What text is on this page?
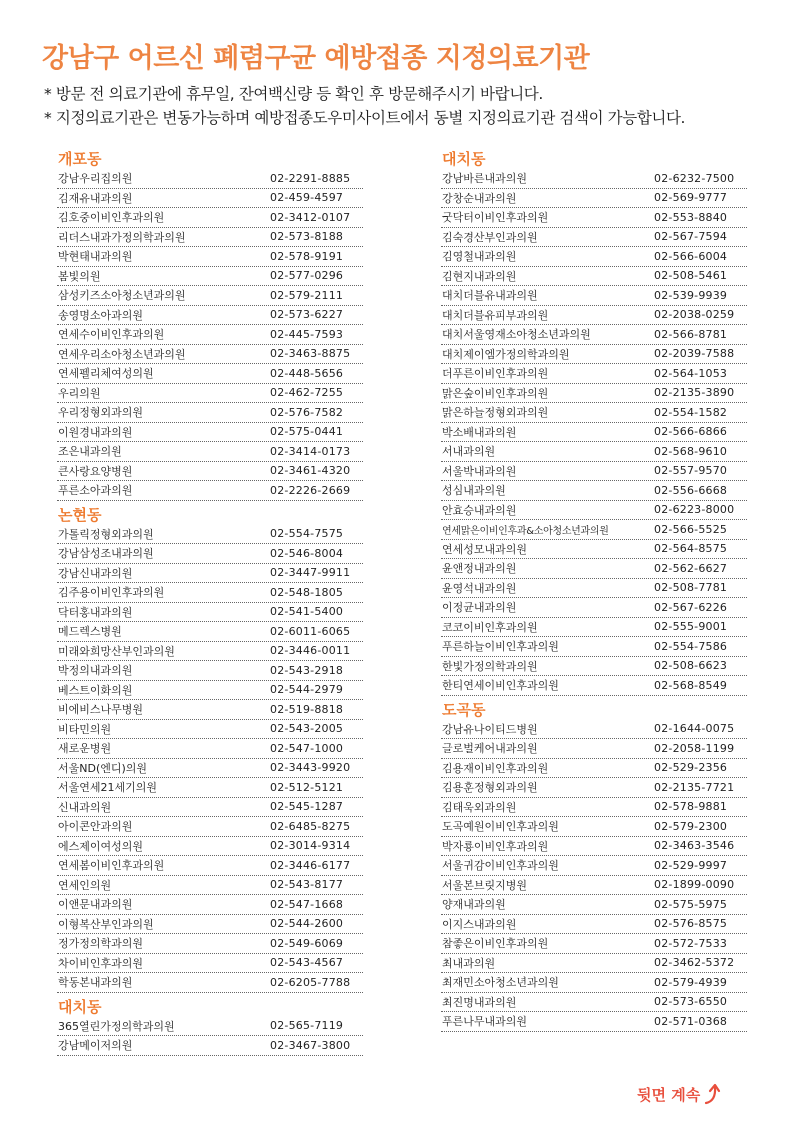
강남구 어르신 폐렴구균 예방접종 지정의료기관
* 방문 전 의료기관에 휴무일, 잔여백신량 등 확인 후 방문해주시기 바랍니다.
* 지정의료기관은 변동가능하며 예방접종도우미사이트에서 동별 지정의료기관 검색이 가능합니다.
개포동
강남우리집의원	02-2291-8885
김재유내과의원	02-459-4597
김호중이비인후과의원	02-3412-0107
리더스내과가정의학과의원	02-573-8188
박현태내과의원	02-578-9191
봄빛의원	02-577-0296
삼성키즈소아청소년과의원	02-579-2111
송영명소아과의원	02-573-6227
연세수이비인후과의원	02-445-7593
연세우리소아청소년과의원	02-3463-8875
연세펠리체여성의원	02-448-5656
우리의원	02-462-7255
우리정형외과의원	02-576-7582
이원경내과의원	02-575-0441
조은내과의원	02-3414-0173
큰사랑요양병원	02-3461-4320
푸른소아과의원	02-2226-2669
논현동
가톨릭정형외과의원	02-554-7575
강남삼성조내과의원	02-546-8004
강남신내과의원	02-3447-9911
김주용이비인후과의원	02-548-1805
닥터홍내과의원	02-541-5400
메드렉스병원	02-6011-6065
미래와희망산부인과의원	02-3446-0011
박정의내과의원	02-543-2918
베스트이화의원	02-544-2979
비에비스나무병원	02-519-8818
비타민의원	02-543-2005
새로운병원	02-547-1000
서울ND(엔디)의원	02-3443-9920
서울연세21세기의원	02-512-5121
신내과의원	02-545-1287
아이콘안과의원	02-6485-8275
에스제이여성의원	02-3014-9314
연세봄이비인후과의원	02-3446-6177
연세인의원	02-543-8177
이앤문내과의원	02-547-1668
이형복산부인과의원	02-544-2600
정가정의학과의원	02-549-6069
차이비인후과의원	02-543-4567
학동본내과의원	02-6205-7788
대치동
365열린가정의학과의원	02-565-7119
강남메이저의원	02-3467-3800
대치동
강남바른내과의원	02-6232-7500
강창순내과의원	02-569-9777
굿닥터이비인후과의원	02-553-8840
김숙경산부인과의원	02-567-7594
김영철내과의원	02-566-6004
김현지내과의원	02-508-5461
대치더블유내과의원	02-539-9939
대치더블유피부과의원	02-2038-0259
대치서울영재소아청소년과의원	02-566-8781
대치제이엠가정의학과의원	02-2039-7588
더푸른이비인후과의원	02-564-1053
맑은숲이비인후과의원	02-2135-3890
맑은하늘정형외과의원	02-554-1582
박소배내과의원	02-566-6866
서내과의원	02-568-9610
서울박내과의원	02-557-9570
성심내과의원	02-556-6668
안효승내과의원	02-6223-8000
연세맑은이비인후과&소아청소년과의원	02-566-5525
연세성모내과의원	02-564-8575
윤앤정내과의원	02-562-6627
윤영석내과의원	02-508-7781
이정균내과의원	02-567-6226
코코이비인후과의원	02-555-9001
푸른하늘이비인후과의원	02-554-7586
한빛가정의학과의원	02-508-6623
한티연세이비인후과의원	02-568-8549
도곡동
강남유나이티드병원	02-1644-0075
글로벌케어내과의원	02-2058-1199
김용재이비인후과의원	02-529-2356
김용훈정형외과의원	02-2135-7721
김태욱외과의원	02-578-9881
도곡예원이비인후과의원	02-579-2300
박자룡이비인후과의원	02-3463-3546
서울귀감이비인후과의원	02-529-9997
서울본브릿지병원	02-1899-0090
양재내과의원	02-575-5975
이지스내과의원	02-576-8575
참좋은이비인후과의원	02-572-7533
최내과의원	02-3462-5372
최재민소아청소년과의원	02-579-4939
최진명내과의원	02-573-6550
푸른나무내과의원	02-571-0368
뒷면 계속
